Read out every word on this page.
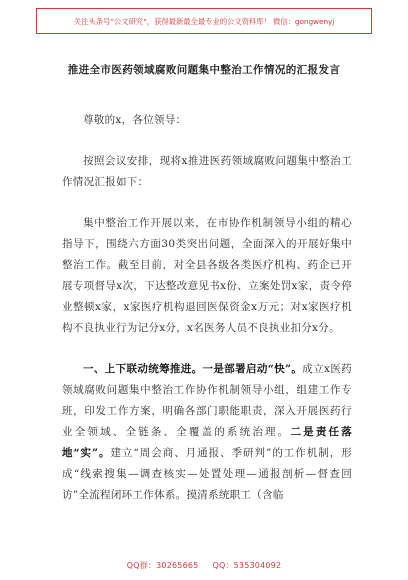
关注头条号“公文研究”，获得最新最全最专业的公文资料库！ 微信：gongwenyj
推进全市医药领域腐败问题集中整治工作情况的汇报发言

尊敬的x，各位领导：

按照会议安排，现将x推进医药领域腐败问题集中整治工作情况汇报如下：

集中整治工作开展以来，在市协作机制领导小组的精心指导下，围绕六方面30类突出问题，全面深入的开展好集中整治工作。截至目前，对全县各级各类医疗机构、药企已开展专项督导x次，下达整改意见书x份、立案处罚x家，责令停业整顿x家，x家医疗机构退回医保资金x万元；对x家医疗机构不良执业行为记分x分，x名医务人员不良执业扣分x分。

一、上下联动统筹推进。一是部署启动“快”。成立x医药领域腐败问题集中整治工作协作机制领导小组，组建工作专班，印发工作方案，明确各部门职能职责，深入开展医药行业全领域、全链条、全覆盖的系统治理。二是责任落地“实”。建立“周会商、月通报、季研判”的工作机制，形成“线索搜集—调查核实—处置处理—通报剖析—督查回访”全流程闭环工作体系。摸清系统职工（含临

QQ群：30265665 QQ：535304092
